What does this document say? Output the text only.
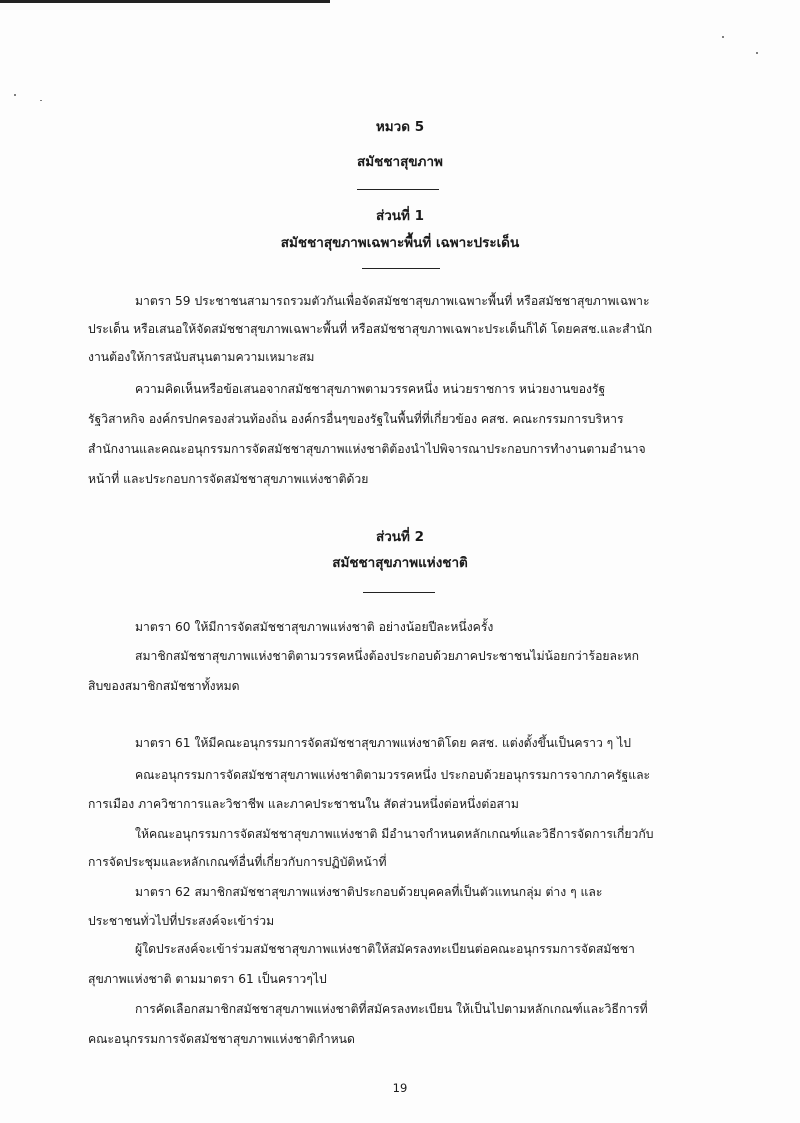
หมวด 5
สมัชชาสุขภาพ
ส่วนที่ 1
สมัชชาสุขภาพเฉพาะพื้นที่ เฉพาะประเด็น
มาตรา 59 ประชาชนสามารถรวมตัวกันเพื่อจัดสมัชชาสุขภาพเฉพาะพื้นที่ หรือสมัชชาสุขภาพเฉพาะ
ประเด็น หรือเสนอให้จัดสมัชชาสุขภาพเฉพาะพื้นที่ หรือสมัชชาสุขภาพเฉพาะประเด็นก็ได้ โดยคสช.และสำนัก
งานต้องให้การสนับสนุนตามความเหมาะสม
ความคิดเห็นหรือข้อเสนอจากสมัชชาสุขภาพตามวรรคหนึ่ง หน่วยราชการ หน่วยงานของรัฐ
รัฐวิสาหกิจ องค์กรปกครองส่วนท้องถิ่น องค์กรอื่นๆของรัฐในพื้นที่ที่เกี่ยวข้อง คสช. คณะกรรมการบริหาร
สำนักงานและคณะอนุกรรมการจัดสมัชชาสุขภาพแห่งชาติต้องนำไปพิจารณาประกอบการทำงานตามอำนาจ
หน้าที่ และประกอบการจัดสมัชชาสุขภาพแห่งชาติด้วย
ส่วนที่ 2
สมัชชาสุขภาพแห่งชาติ
มาตรา 60 ให้มีการจัดสมัชชาสุขภาพแห่งชาติ อย่างน้อยปีละหนึ่งครั้ง
สมาชิกสมัชชาสุขภาพแห่งชาติตามวรรคหนึ่งต้องประกอบด้วยภาคประชาชนไม่น้อยกว่าร้อยละหก
สิบของสมาชิกสมัชชาทั้งหมด
มาตรา 61 ให้มีคณะอนุกรรมการจัดสมัชชาสุขภาพแห่งชาติโดย คสช. แต่งตั้งขึ้นเป็นคราว ๆ ไป
คณะอนุกรรมการจัดสมัชชาสุขภาพแห่งชาติตามวรรคหนึ่ง ประกอบด้วยอนุกรรมการจากภาครัฐและ
การเมือง ภาควิชาการและวิชาชีพ และภาคประชาชนใน สัดส่วนหนึ่งต่อหนึ่งต่อสาม
ให้คณะอนุกรรมการจัดสมัชชาสุขภาพแห่งชาติ มีอำนาจกำหนดหลักเกณฑ์และวิธีการจัดการเกี่ยวกับ
การจัดประชุมและหลักเกณฑ์อื่นที่เกี่ยวกับการปฏิบัติหน้าที่
มาตรา 62 สมาชิกสมัชชาสุขภาพแห่งชาติประกอบด้วยบุคคลที่เป็นตัวแทนกลุ่ม ต่าง ๆ และ
ประชาชนทั่วไปที่ประสงค์จะเข้าร่วม
ผู้ใดประสงค์จะเข้าร่วมสมัชชาสุขภาพแห่งชาติให้สมัครลงทะเบียนต่อคณะอนุกรรมการจัดสมัชชา
สุขภาพแห่งชาติ ตามมาตรา 61 เป็นคราวๆไป
การคัดเลือกสมาชิกสมัชชาสุขภาพแห่งชาติที่สมัครลงทะเบียน ให้เป็นไปตามหลักเกณฑ์และวิธีการที่
คณะอนุกรรมการจัดสมัชชาสุขภาพแห่งชาติกำหนด
19
